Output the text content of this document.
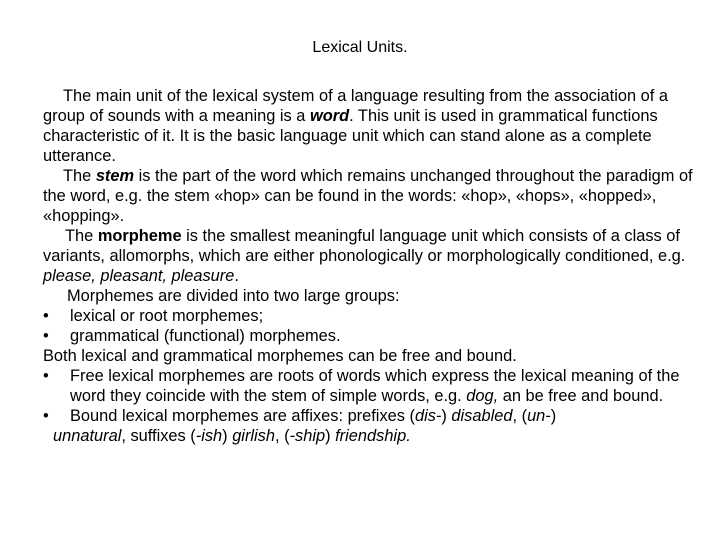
Lexical Units.

The main unit of the lexical system of a language resulting from the association of a group of sounds with a meaning is a word. This unit is used in grammatical functions characteristic of it. It is the basic language unit which can stand alone as a complete utterance.

The stem is the part of the word which remains unchanged throughout the paradigm of the word, e.g. the stem «hop» can be found in the words: «hop», «hops», «hopped», «hopping».

The morpheme is the smallest meaningful language unit which consists of a class of variants, allomorphs, which are either phonologically or morphologically conditioned, e.g. please, pleasant, pleasure.

Morphemes are divided into two large groups:

•	lexical or root morphemes;

•	grammatical (functional) morphemes.

Both lexical and grammatical morphemes can be free and bound.

•	Free lexical morphemes are roots of words which express the lexical meaning of the word they coincide with the stem of simple words, e.g. dog, an be free and bound.

•	Bound lexical morphemes are affixes: prefixes (dis-) disabled, (un-)

unnatural, suffixes (-ish) girlish, (-ship) friendship.
